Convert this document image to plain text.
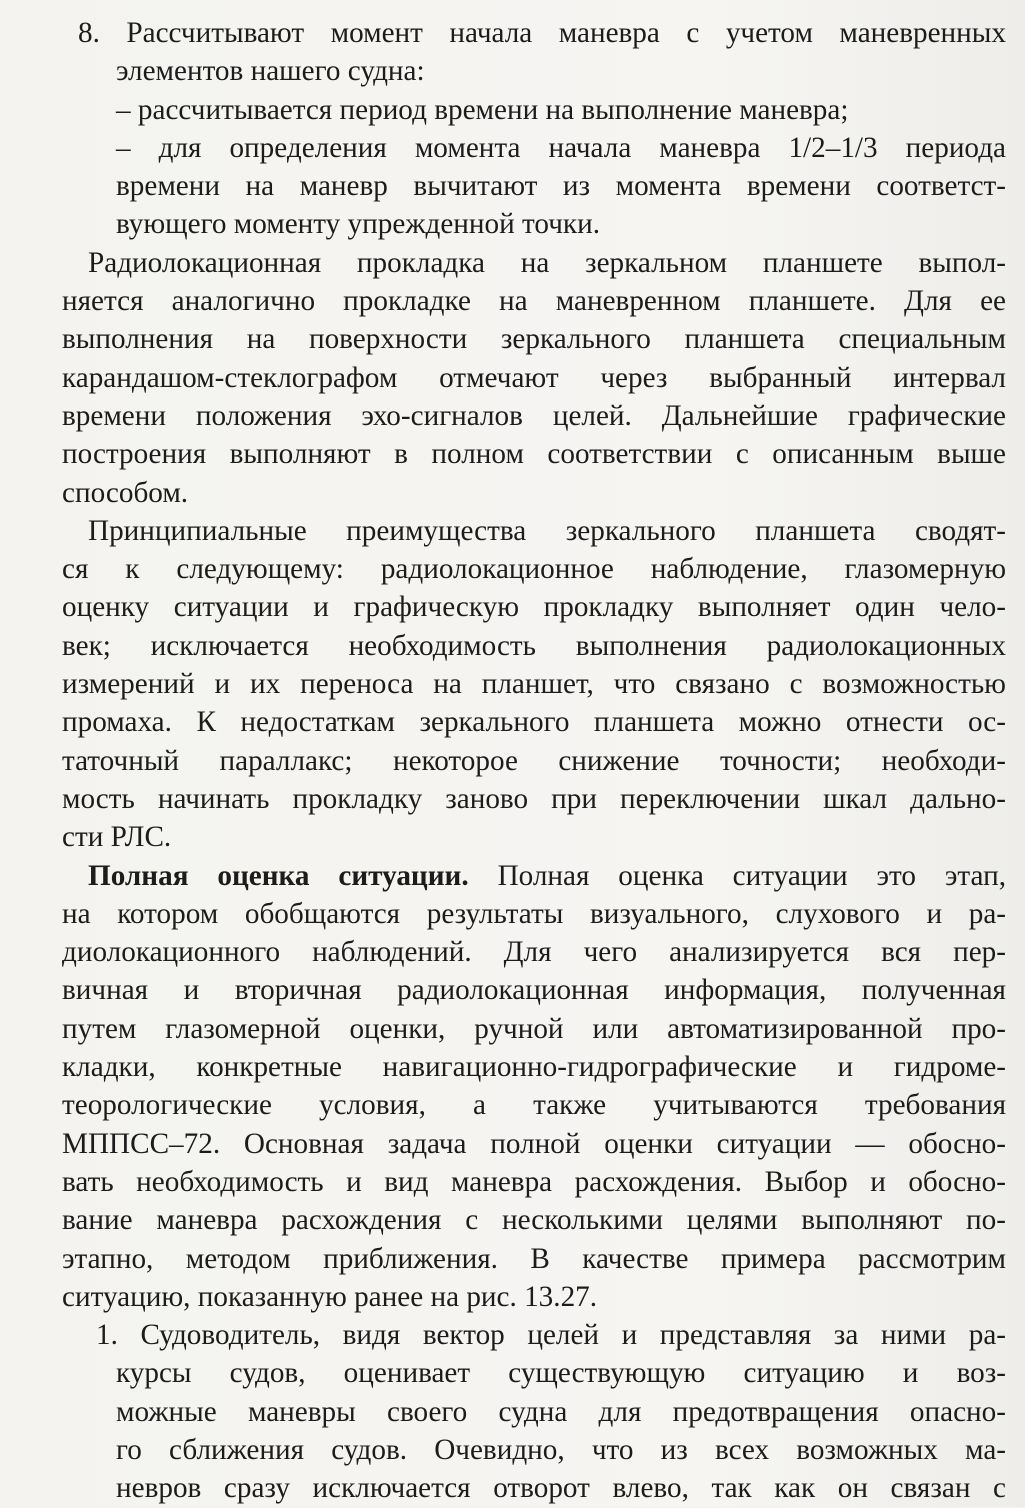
8. Рассчитывают момент начала маневра с учетом маневренных
элементов нашего судна:
– рассчитывается период времени на выполнение маневра;
– для определения момента начала маневра 1/2–1/3 периода
времени на маневр вычитают из момента времени соответст-
вующего моменту упрежденной точки.
Радиолокационная прокладка на зеркальном планшете выпол-
няется аналогично прокладке на маневренном планшете. Для ее
выполнения на поверхности зеркального планшета специальным
карандашом-стеклографом отмечают через выбранный интервал
времени положения эхо-сигналов целей. Дальнейшие графические
построения выполняют в полном соответствии с описанным выше
способом.
Принципиальные преимущества зеркального планшета сводят-
ся к следующему: радиолокационное наблюдение, глазомерную
оценку ситуации и графическую прокладку выполняет один чело-
век; исключается необходимость выполнения радиолокационных
измерений и их переноса на планшет, что связано с возможностью
промаха. К недостаткам зеркального планшета можно отнести ос-
таточный параллакс; некоторое снижение точности; необходи-
мость начинать прокладку заново при переключении шкал дально-
сти РЛС.
Полная оценка ситуации. Полная оценка ситуации это этап,
на котором обобщаются результаты визуального, слухового и ра-
диолокационного наблюдений. Для чего анализируется вся пер-
вичная и вторичная радиолокационная информация, полученная
путем глазомерной оценки, ручной или автоматизированной про-
кладки, конкретные навигационно-гидрографические и гидроме-
теорологические условия, а также учитываются требования
МППСС–72. Основная задача полной оценки ситуации — обосно-
вать необходимость и вид маневра расхождения. Выбор и обосно-
вание маневра расхождения с несколькими целями выполняют по-
этапно, методом приближения. В качестве примера рассмотрим
ситуацию, показанную ранее на рис. 13.27.
1. Судоводитель, видя вектор целей и представляя за ними ра-
курсы судов, оценивает существующую ситуацию и воз-
можные маневры своего судна для предотвращения опасно-
го сближения судов. Очевидно, что из всех возможных ма-
невров сразу исключается отворот влево, так как он связан с
